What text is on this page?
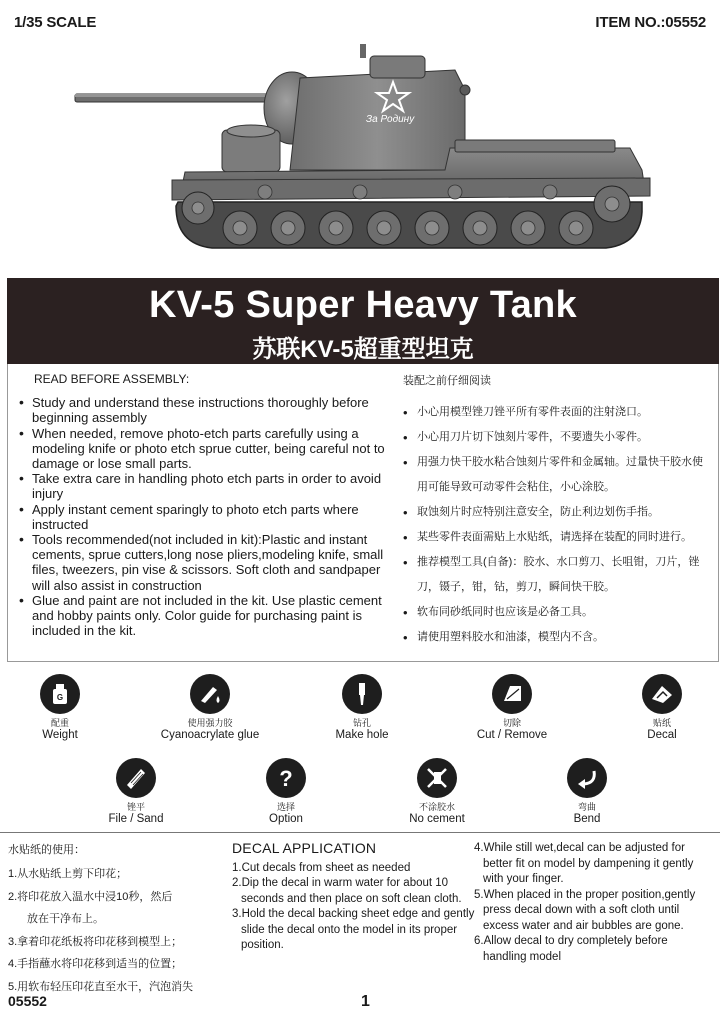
1/35 SCALE	ITEM NO.:05552
За Родину
KV-5 Super Heavy Tank
苏联KV-5超重型坦克
READ BEFORE ASSEMBLY:
• Study and understand these instructions thoroughly before beginning assembly
• When needed, remove photo-etch parts carefully using a modeling knife or photo etch sprue cutter, being careful not to damage or lose small parts.
• Take extra care in handling photo etch parts in order to avoid injury
• Apply instant cement sparingly to photo etch parts where instructed
• Tools recommended(not included in kit):Plastic and instant cements, sprue cutters,long nose pliers,modeling knife, small files, tweezers, pin vise & scissors. Soft cloth and sandpaper will also assist in construction
• Glue and paint are not included in the kit. Use plastic cement and hobby paints only. Color guide for purchasing paint is included in the kit.
装配之前仔细阅读
• 小心用模型锉刀锉平所有零件表面的注射浇口。
• 小心用刀片切下蚀刻片零件，不要遗失小零件。
• 用强力快干胶水粘合蚀刻片零件和金属轴。过量快干胶水使用可能导致可动零件会粘住，小心涂胶。
• 取蚀刻片时应特别注意安全，防止利边划伤手指。
• 某些零件表面需贴上水贴纸，请选择在装配的同时进行。
• 推荐模型工具(自备)：胶水、水口剪刀、长咀钳，刀片，锉刀，镊子，钳，钻，剪刀，瞬间快干胶。
• 软布同砂纸同时也应该是必备工具。
• 请使用塑料胶水和油漆，模型内不含。
G
配重
Weight
使用强力胶
Cyanoacrylate glue
钻孔
Make hole
切除
Cut / Remove
贴纸
Decal
锉平
File / Sand
?
选择
Option
不涂胶水
No cement
弯曲
Bend
水贴纸的使用：

1.从水贴纸上剪下印花；

2.将印花放入温水中浸10秒，然后

放在干净布上。

3.拿着印花纸板将印花移到模型上；

4.手指蘸水将印花移到适当的位置；

5.用软布轻压印花直至水干，汽泡消失

DECAL APPLICATION

1.Cut decals from sheet as needed

2.Dip the decal in warm water for about 10 seconds and then place on soft clean cloth.

3.Hold the decal backing sheet edge and gently slide the decal onto the model in its proper position.

4.While still wet,decal can be adjusted for better fit on model by dampening it gently with your finger.

5.When placed in the proper position,gently press decal down with a soft cloth until excess water and air bubbles are gone.

6.Allow decal to dry completely before handling model

05552	1
